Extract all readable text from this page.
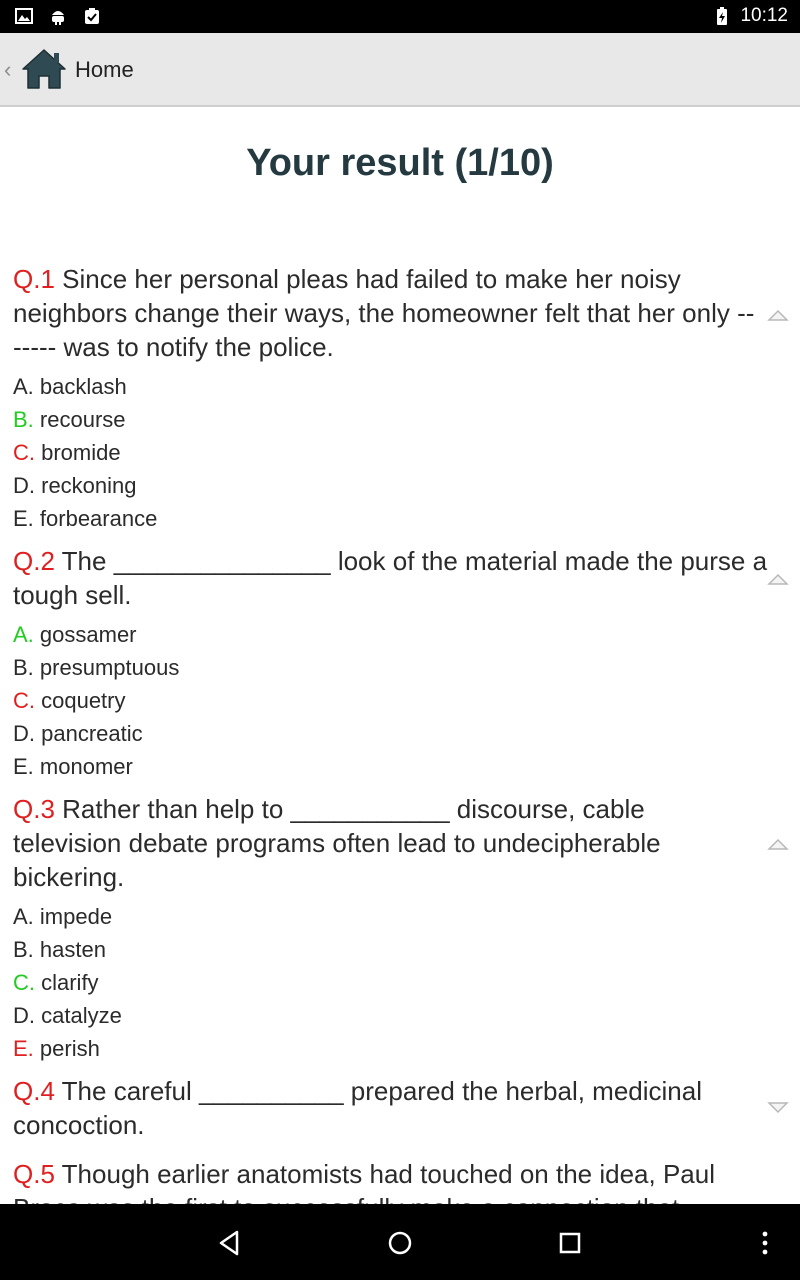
10:12
‹	Home
Your result (1/10)
Q.1 Since her personal pleas had failed to make her noisy neighbors change their ways, the homeowner felt that her only ------- was to notify the police.
A. backlash
B. recourse
C. bromide
D. reckoning
E. forbearance
Q.2 The _______________ look of the material made the purse a tough sell.
A. gossamer
B. presumptuous
C. coquetry
D. pancreatic
E. monomer
Q.3 Rather than help to ___________ discourse, cable television debate programs often lead to undecipherable bickering.
A. impede
B. hasten
C. clarify
D. catalyze
E. perish
Q.4 The careful __________ prepared the herbal, medicinal concoction.
Q.5 Though earlier anatomists had touched on the idea, Paul
